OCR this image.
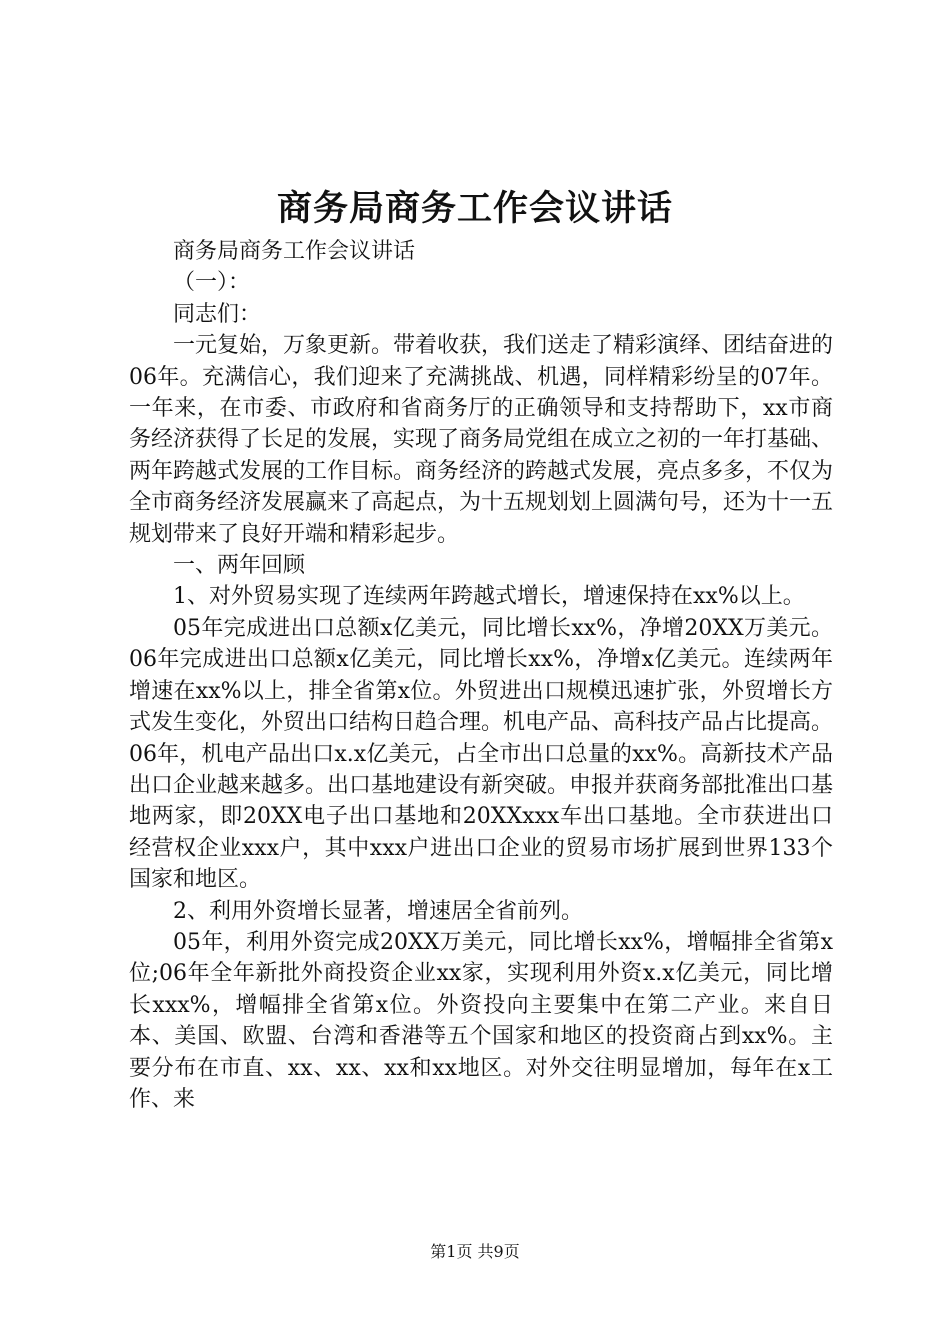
商务局商务工作会议讲话

商务局商务工作会议讲话

（一）：

同志们：

一元复始，万象更新。带着收获，我们送走了精彩演绎、团结奋进的06年。充满信心，我们迎来了充满挑战、机遇，同样精彩纷呈的07年。一年来，在市委、市政府和省商务厅的正确领导和支持帮助下，xx市商务经济获得了长足的发展，实现了商务局党组在成立之初的一年打基础、两年跨越式发展的工作目标。商务经济的跨越式发展，亮点多多，不仅为全市商务经济发展赢来了高起点，为十五规划划上圆满句号，还为十一五规划带来了良好开端和精彩起步。

一、两年回顾

1、对外贸易实现了连续两年跨越式增长，增速保持在xx%以上。

05年完成进出口总额x亿美元，同比增长xx%，净增20XX万美元。06年完成进出口总额x亿美元，同比增长xx%，净增x亿美元。连续两年增速在xx%以上，排全省第x位。外贸进出口规模迅速扩张，外贸增长方式发生变化，外贸出口结构日趋合理。机电产品、高科技产品占比提高。06年，机电产品出口x.x亿美元，占全市出口总量的xx%。高新技术产品出口企业越来越多。出口基地建设有新突破。申报并获商务部批准出口基地两家，即20XX电子出口基地和20XXxxx车出口基地。全市获进出口经营权企业xxx户，其中xxx户进出口企业的贸易市场扩展到世界133个国家和地区。

2、利用外资增长显著，增速居全省前列。

05年，利用外资完成20XX万美元，同比增长xx%，增幅排全省第x位;06年全年新批外商投资企业xx家，实现利用外资x.x亿美元，同比增长xxx%，增幅排全省第x位。外资投向主要集中在第二产业。来自日本、美国、欧盟、台湾和香港等五个国家和地区的投资商占到xx%。主要分布在市直、xx、xx、xx和xx地区。对外交往明显增加，每年在x工作、来

第1页 共9页
